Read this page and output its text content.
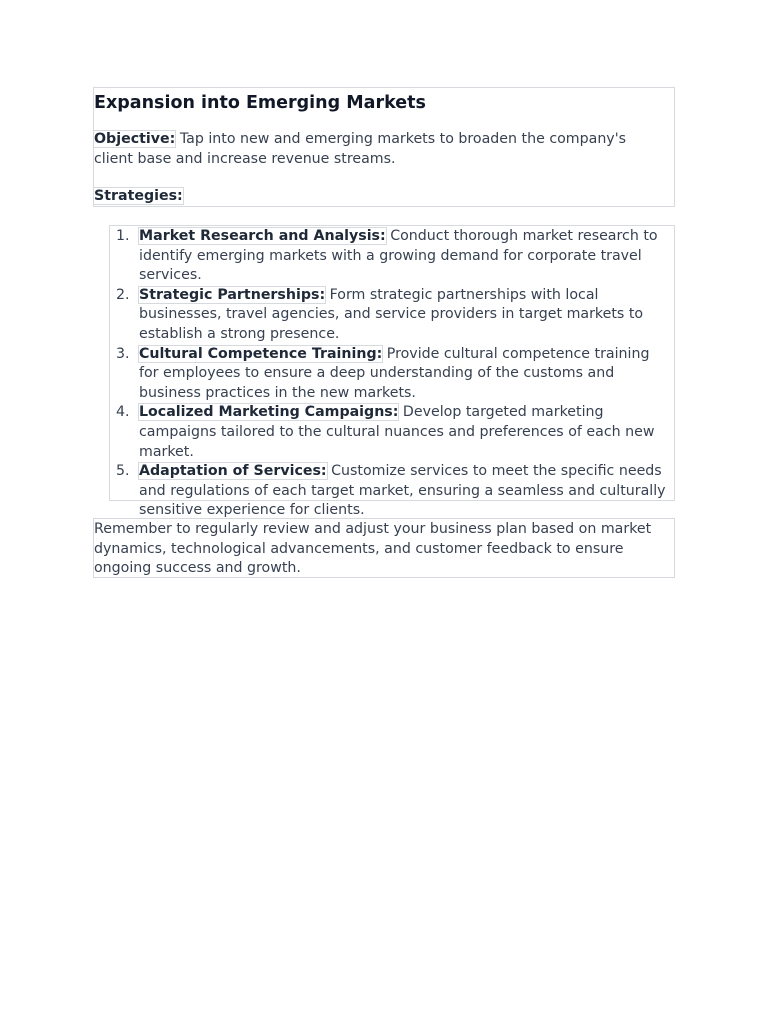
Expansion into Emerging Markets

Objective: Tap into new and emerging markets to broaden the company's client base and increase revenue streams.

Strategies:

1. Market Research and Analysis: Conduct thorough market research to identify emerging markets with a growing demand for corporate travel services.
2. Strategic Partnerships: Form strategic partnerships with local businesses, travel agencies, and service providers in target markets to establish a strong presence.
3. Cultural Competence Training: Provide cultural competence training for employees to ensure a deep understanding of the customs and business practices in the new markets.
4. Localized Marketing Campaigns: Develop targeted marketing campaigns tailored to the cultural nuances and preferences of each new market.
5. Adaptation of Services: Customize services to meet the specific needs and regulations of each target market, ensuring a seamless and culturally sensitive experience for clients.

Remember to regularly review and adjust your business plan based on market dynamics, technological advancements, and customer feedback to ensure ongoing success and growth.
